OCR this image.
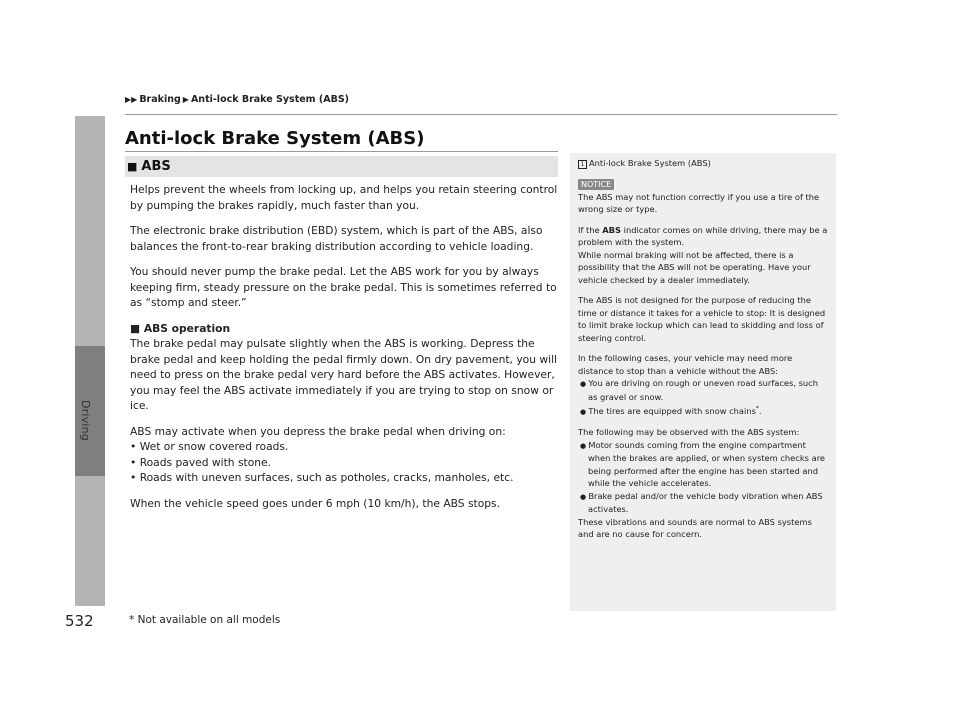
Driving
532
▶▶ Braking ▶ Anti-lock Brake System (ABS)
Anti-lock Brake System (ABS)
■ ABS

Helps prevent the wheels from locking up, and helps you retain steering control by pumping the brakes rapidly, much faster than you.

The electronic brake distribution (EBD) system, which is part of the ABS, also balances the front-to-rear braking distribution according to vehicle loading.

You should never pump the brake pedal. Let the ABS work for you by always keeping firm, steady pressure on the brake pedal. This is sometimes referred to as “stomp and steer.”

■ ABS operation

The brake pedal may pulsate slightly when the ABS is working. Depress the brake pedal and keep holding the pedal firmly down. On dry pavement, you will need to press on the brake pedal very hard before the ABS activates. However, you may feel the ABS activate immediately if you are trying to stop on snow or ice.

ABS may activate when you depress the brake pedal when driving on:

• Wet or snow covered roads.
• Roads paved with stone.
• Roads with uneven surfaces, such as potholes, cracks, manholes, etc.

When the vehicle speed goes under 6 mph (10 km/h), the ABS stops.

1 Anti-lock Brake System (ABS)
NOTICE

The ABS may not function correctly if you use a tire of the wrong size or type.

If the ABS indicator comes on while driving, there may be a problem with the system.

While normal braking will not be affected, there is a possibility that the ABS will not be operating. Have your vehicle checked by a dealer immediately.

The ABS is not designed for the purpose of reducing the time or distance it takes for a vehicle to stop: It is designed to limit brake lockup which can lead to skidding and loss of steering control.

In the following cases, your vehicle may need more distance to stop than a vehicle without the ABS:

● You are driving on rough or uneven road surfaces, such as gravel or snow.
● The tires are equipped with snow chains*.

The following may be observed with the ABS system:

● Motor sounds coming from the engine compartment when the brakes are applied, or when system checks are being performed after the engine has been started and while the vehicle accelerates.
● Brake pedal and/or the vehicle body vibration when ABS activates.

These vibrations and sounds are normal to ABS systems and are no cause for concern.

* Not available on all models
